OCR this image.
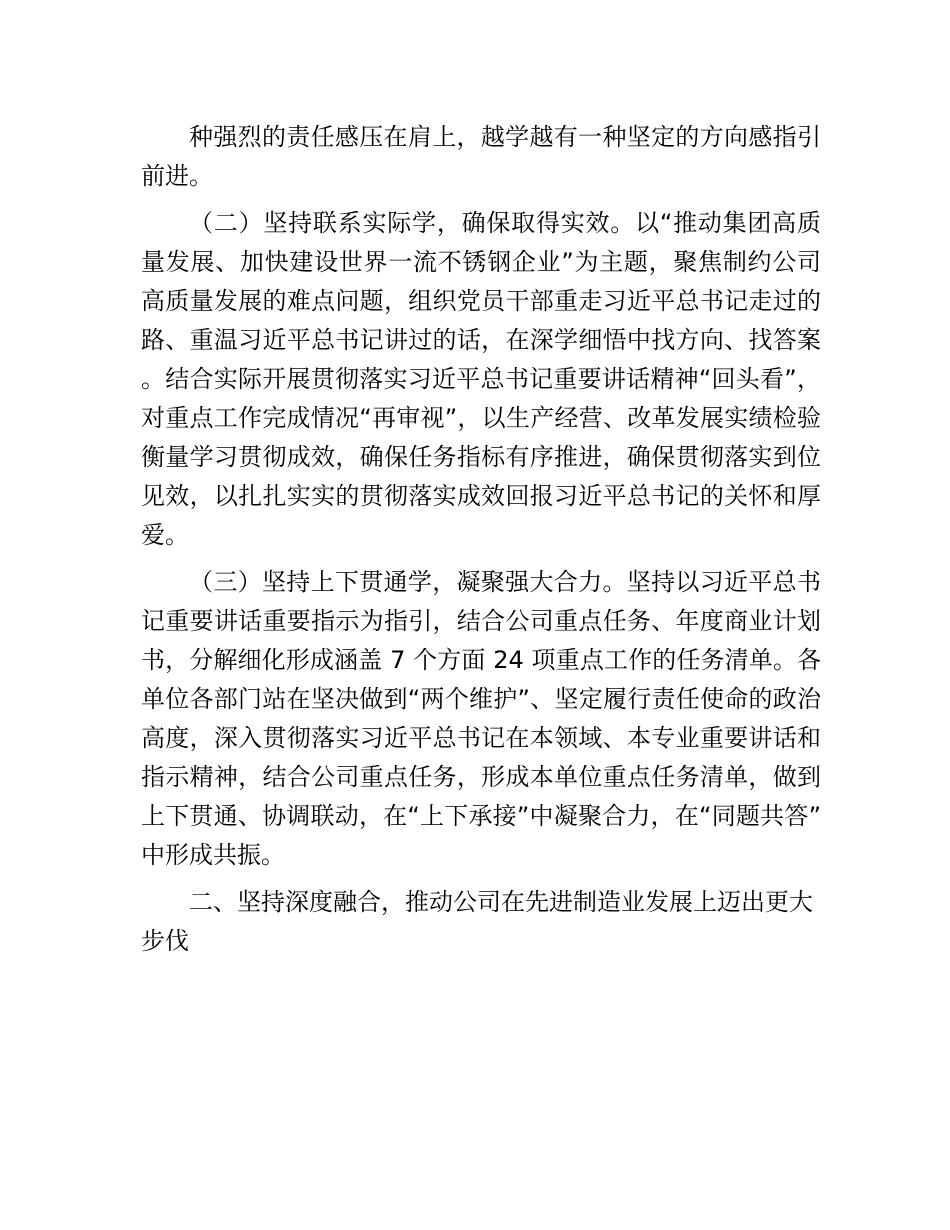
种强烈的责任感压在肩上，越学越有一种坚定的方向感指引前进。

（二）坚持联系实际学，确保取得实效。以“推动集团高质量发展、加快建设世界一流不锈钢企业”为主题，聚焦制约公司高质量发展的难点问题，组织党员干部重走习近平总书记走过的路、重温习近平总书记讲过的话，在深学细悟中找方向、找答案。结合实际开展贯彻落实习近平总书记重要讲话精神“回头看”，对重点工作完成情况“再审视”，以生产经营、改革发展实绩检验衡量学习贯彻成效，确保任务指标有序推进，确保贯彻落实到位见效，以扎扎实实的贯彻落实成效回报习近平总书记的关怀和厚爱。

（三）坚持上下贯通学，凝聚强大合力。坚持以习近平总书记重要讲话重要指示为指引，结合公司重点任务、年度商业计划书，分解细化形成涵盖 7 个方面 24 项重点工作的任务清单。各单位各部门站在坚决做到“两个维护”、坚定履行责任使命的政治高度，深入贯彻落实习近平总书记在本领域、本专业重要讲话和指示精神，结合公司重点任务，形成本单位重点任务清单，做到上下贯通、协调联动，在“上下承接”中凝聚合力，在“同题共答”中形成共振。

二、坚持深度融合，推动公司在先进制造业发展上迈出更大步伐
